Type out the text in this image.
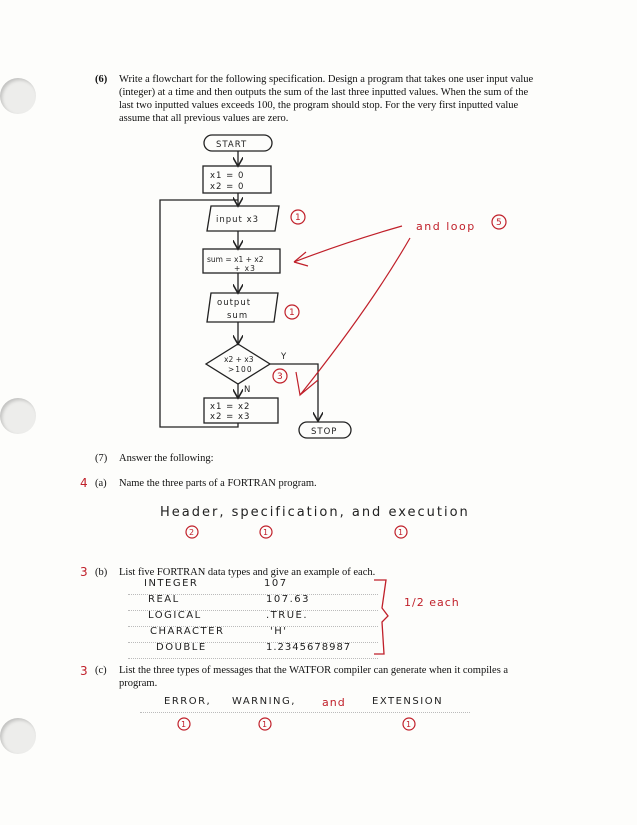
(6) Write a flowchart for the following specification. Design a program that takes one user input value (integer) at a time and then outputs the sum of the last three inputted values. When the sum of the last two inputted values exceeds 100, the program should stop. For the very first inputted value assume that all previous values are zero.
START
x1 = 0
x2 = 0
input x3
sum = x1 + x2
+ x3
output
sum
x2 + x3
>100
Y
N
x1 = x2
x2 = x3
STOP
1
1
3
and loop 5
(7) Answer the following:
4 (a) Name the three parts of a FORTRAN program.
Header, specification, and execution
2	1	1
3 (b) List five FORTRAN data types and give an example of each.
INTEGER	107
REAL	107.63
LOGICAL	.TRUE.
CHARACTER	'H'
DOUBLE	1.2345678987
1/2 each
3 (c) List the three types of messages that the WATFOR compiler can generate when it compiles a program.
ERROR, WARNING, and	EXTENSION
1	1	1
